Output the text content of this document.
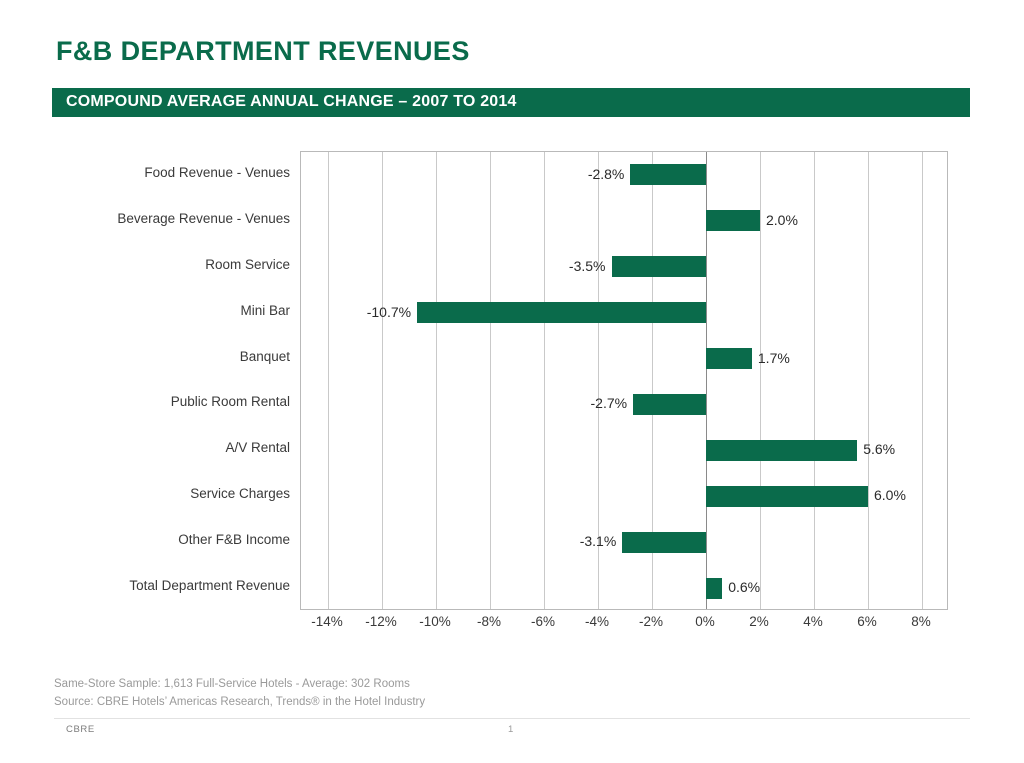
F&B DEPARTMENT REVENUES
COMPOUND AVERAGE ANNUAL CHANGE – 2007 TO 2014
Food Revenue - Venues
Beverage Revenue - Venues
Room Service
Mini Bar
Banquet
Public Room Rental
A/V Rental
Service Charges
Other F&B Income
Total Department Revenue
-2.8%
2.0%
-3.5%
-10.7%
1.7%
-2.7%
5.6%
6.0%
-3.1%
0.6%
-14% -12% -10% -8% -6% -4% -2% 0%	2%	4%	6%	8%
Same-Store Sample: 1,613 Full-Service Hotels - Average: 302 Rooms
Source: CBRE Hotels’ Americas Research, Trends® in the Hotel Industry
CBRE	1
